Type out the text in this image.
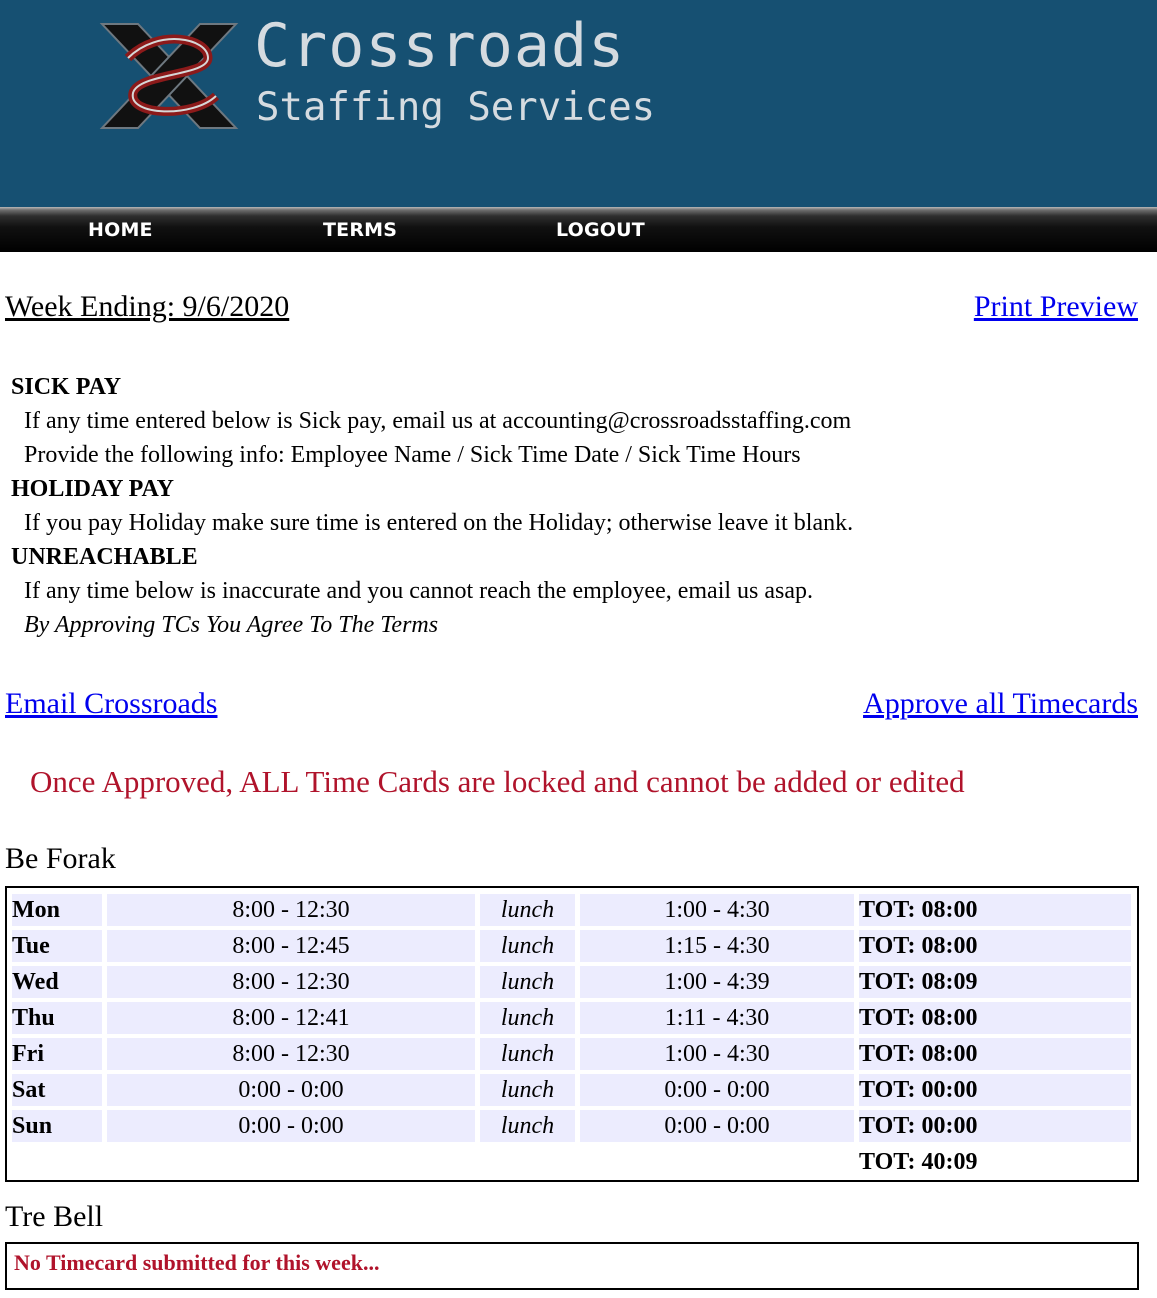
Crossroads
Staffing Services
HOME	TERMS	LOGOUT
Week Ending: 9/6/2020	Print Preview
SICK PAY
If any time entered below is Sick pay, email us at accounting@crossroadsstaffing.com
Provide the following info: Employee Name / Sick Time Date / Sick Time Hours
HOLIDAY PAY
If you pay Holiday make sure time is entered on the Holiday; otherwise leave it blank.
UNREACHABLE
If any time below is inaccurate and you cannot reach the employee, email us asap.
By Approving TCs You Agree To The Terms
Email Crossroads	Approve all Timecards
Once Approved, ALL Time Cards are locked and cannot be added or edited
Be Forak
Mon	8:00 - 12:30	lunch	1:00 - 4:30	TOT: 08:00
Tue	8:00 - 12:45	lunch	1:15 - 4:30	TOT: 08:00
Wed	8:00 - 12:30	lunch	1:00 - 4:39	TOT: 08:09
Thu	8:00 - 12:41	lunch	1:11 - 4:30	TOT: 08:00
Fri	8:00 - 12:30	lunch	1:00 - 4:30	TOT: 08:00
Sat	0:00 - 0:00	lunch	0:00 - 0:00	TOT: 00:00
Sun	0:00 - 0:00	lunch	0:00 - 0:00	TOT: 00:00
				TOT: 40:09
Tre Bell
No Timecard submitted for this week...
